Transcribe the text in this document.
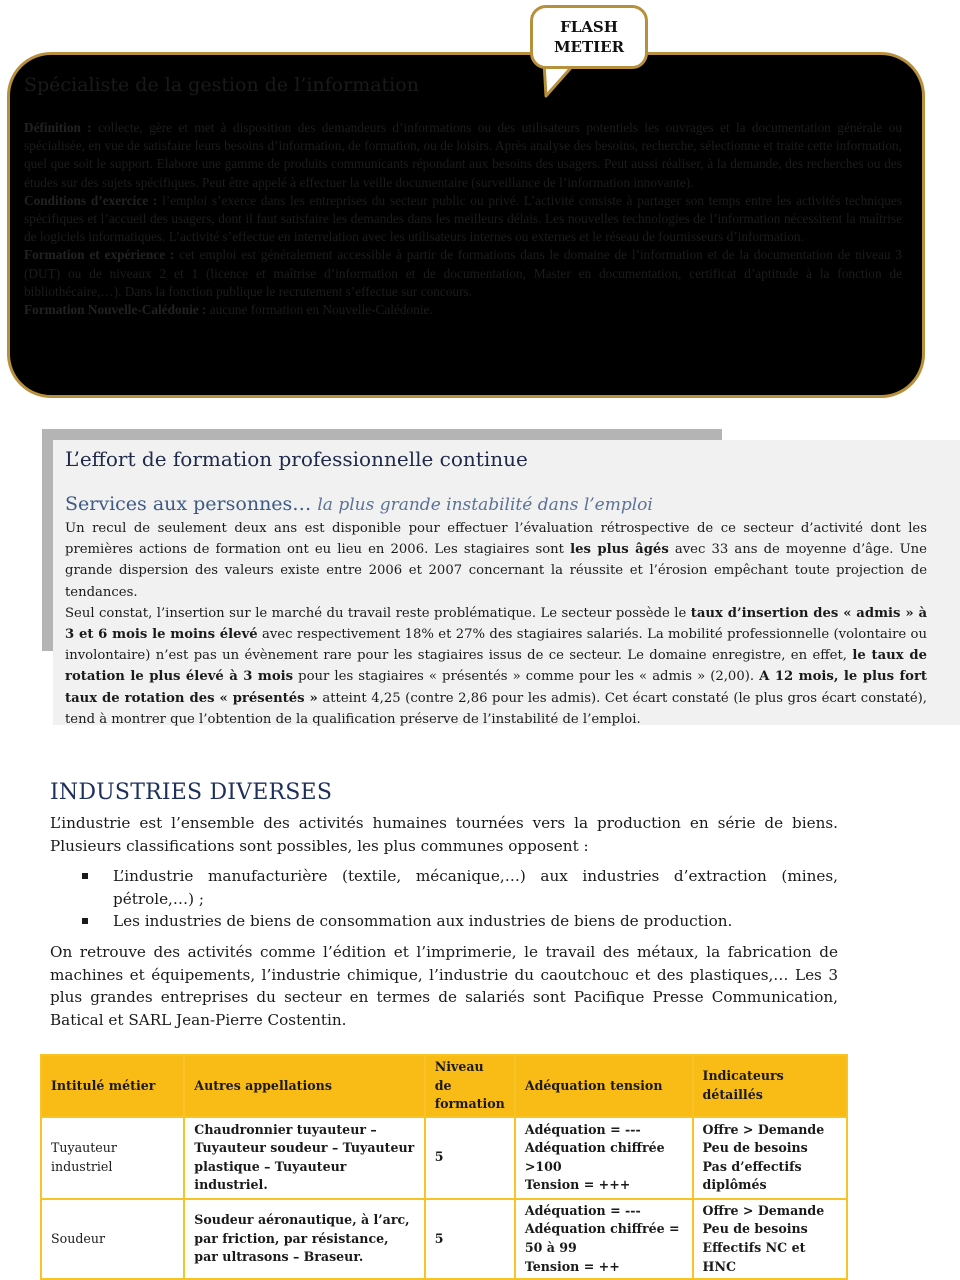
FLASH
METIER
Spécialiste de la gestion de l’information

Définition : collecte, gère et met à disposition des demandeurs d’informations ou des utilisateurs potentiels les ouvrages et la documentation générale ou spécialisée, en vue de satisfaire leurs besoins d’information, de formation, ou de loisirs. Après analyse des besoins, recherche, sélectionne et traite cette information, quel que soit le support. Elabore une gamme de produits communicants répondant aux besoins des usagers. Peut aussi réaliser, à la demande, des recherches ou des études sur des sujets spécifiques. Peut être appelé à effectuer la veille documentaire (surveillance de l’information innovante).

Conditions d’exercice : l’emploi s’exerce dans les entreprises du secteur public ou privé. L’activité consiste à partager son temps entre les activités techniques spécifiques et l’accueil des usagers, dont il faut satisfaire les demandes dans les meilleurs délais. Les nouvelles technologies de l’information nécessitent la maîtrise de logiciels informatiques. L’activité s’effectue en interrelation avec les utilisateurs internes ou externes et le réseau de fournisseurs d’information.

Formation et expérience : cet emploi est généralement accessible à partir de formations dans le domaine de l’information et de la documentation de niveau 3 (DUT) ou de niveaux 2 et 1 (licence et maîtrise d’information et de documentation, Master en documentation, certificat d’aptitude à la fonction de bibliothécaire,…). Dans la fonction publique le recrutement s’effectue sur concours.

Formation Nouvelle-Calédonie : aucune formation en Nouvelle-Calédonie.

L’effort de formation professionnelle continue
Services aux personnes… la plus grande instabilité dans l’emploi

Un recul de seulement deux ans est disponible pour effectuer l’évaluation rétrospective de ce secteur d’activité dont les premières actions de formation ont eu lieu en 2006. Les stagiaires sont les plus âgés avec 33 ans de moyenne d’âge. Une grande dispersion des valeurs existe entre 2006 et 2007 concernant la réussite et l’érosion empêchant toute projection de tendances.

Seul constat, l’insertion sur le marché du travail reste problématique. Le secteur possède le taux d’insertion des « admis » à 3 et 6 mois le moins élevé avec respectivement 18% et 27% des stagiaires salariés. La mobilité professionnelle (volontaire ou involontaire) n’est pas un évènement rare pour les stagiaires issus de ce secteur. Le domaine enregistre, en effet, le taux de rotation le plus élevé à 3 mois pour les stagiaires « présentés » comme pour les « admis » (2,00). A 12 mois, le plus fort taux de rotation des « présentés » atteint 4,25 (contre 2,86 pour les admis). Cet écart constaté (le plus gros écart constaté), tend à montrer que l’obtention de la qualification préserve de l’instabilité de l’emploi.

INDUSTRIES DIVERSES
L’industrie est l’ensemble des activités humaines tournées vers la production en série de biens. Plusieurs classifications sont possibles, les plus communes opposent :
L’industrie manufacturière (textile, mécanique,…) aux industries d’extraction (mines, pétrole,…) ;
Les industries de biens de consommation aux industries de biens de production.
On retrouve des activités comme l’édition et l’imprimerie, le travail des métaux, la fabrication de machines et équipements, l’industrie chimique, l’industrie du caoutchouc et des plastiques,… Les 3 plus grandes entreprises du secteur en termes de salariés sont Pacifique Presse Communication, Batical et SARL Jean-Pierre Costentin.
Intitulé métier	Autres appellations	Niveau de formation	Adéquation tension	Indicateurs détaillés
Tuyauteur industriel	Chaudronnier tuyauteur – Tuyauteur soudeur – Tuyauteur plastique – Tuyauteur industriel.	5	Adéquation = ---
Adéquation chiffrée >100
Tension = +++	Offre > Demande
Peu de besoins
Pas d’effectifs diplômés
Soudeur	Soudeur aéronautique, à l’arc, par friction, par résistance, par ultrasons – Braseur.	5	Adéquation = ---
Adéquation chiffrée = 50 à 99
Tension = ++	Offre > Demande
Peu de besoins
Effectifs NC et HNC
